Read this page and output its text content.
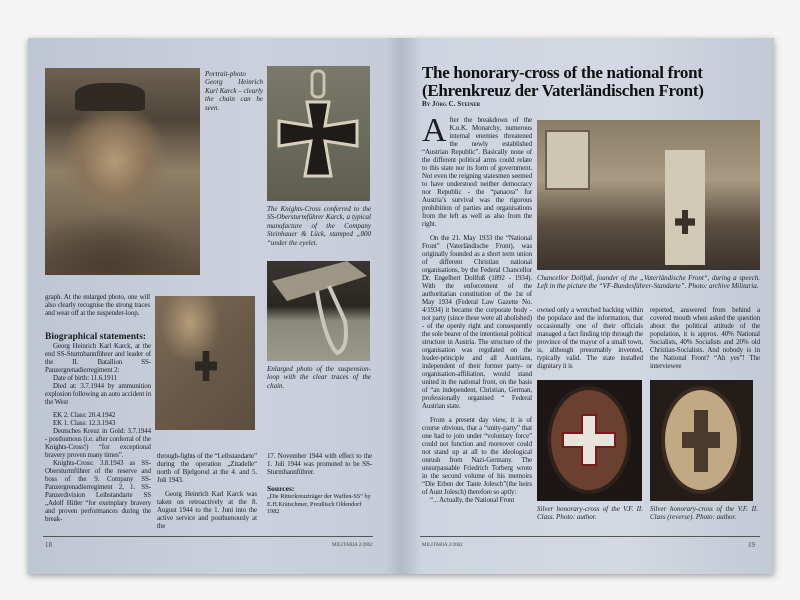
Portrait-photo Georg Heinrich Karl Karck – clearly the chain can be seen.
The Knights-Cross conferred to the SS-Obersturmführer Karck, a typical manufacture of the Company Steinhauer & Lück, stamped „800 “under the eyelet.
Enlarged photo of the suspension-loop with the clear traces of the chain.

graph. At the enlarged photo, one will also clearly recognise the strong traces and wear off at the suspender-loop.

Biographical statements:

Georg Heinrich Karl Karck, at the end SS-Sturmbannführer and leader of the II. Batallion SS-Panzergrenadierregiment 2:

Date of birth: 11.6.1911

Died at: 3.7.1944 by ammunition explosion following an auto accident in the West

EK 2. Class: 20.4.1942

EK 1. Class: 12.3.1943

Deutsches Kreuz in Gold: 3.7.1944 - posthumous (i.e. after conferral of the Knights-Cross!) “for exceptional bravery proven many times”.

Knights-Cross: 3.8.1943 as SS-Obersturmführer of the reserve and boss of the 9. Company SS-Panzergrenadierregiment 2, 1. SS-Panzerdivision Leibstandarte SS „Adolf Hitler “for exemplary bravery and proven performances during the break-

through-fights of the “Leibstandarte” during the operation „Zitadelle“ north of Bjelgorod at the 4. and 5. Juli 1943.

Georg Heinrich Karl Karck was taken on retroactively at the 8. August 1944 to the 1. Juni into the active service and posthumously at the

17. November 1944 with effect to the 1. Juli 1944 was promoted to be SS-Sturmbannführer.

Sources:
„Die Ritterkreuzträger der Waffen-SS“ by E.H.Krätschmer, Preußisch Oldendorf 1982
18	MILITARIA 2/2002
The honorary-cross of the national front (Ehrenkreuz der Vaterländischen Front)
By Jörg C. Steiner

After the breakdown of the K.u.K. Monarchy, numerous internal enemies threatened the newly established “Austrian Republic”. Basically none of the different political arms could relate to this state nor its form of government. Not even the reigning statesmen seemed to have understood neither democracy nor Republic - the “panacea” for Austria’s survival was the rigorous prohibition of parties and organisations from the left as well as also from the right.

On the 21. May 1933 the “National Front” (Vaterländische Front), was originally founded as a short term union of different Christian national organisations, by the Federal Chancellor Dr. Engelbert Dollfuß (1892 - 1934). With the enforcement of the authoritarian constitution of the 1st of May 1934 (Federal Law Gazette No. 4/1934) it became the corporate body - not party (since these were all abolished) - of the openly right and consequently the sole bearer of the intentional political structure in Austria. The structure of the organisation was regulated on the leader-principle and all Austrians, independent of their former party- or organisation-affiliation, would stand united in the national front, on the basis of “an independent, Christian, German, professionally organised “ Federal Austrian state.

From a present day view, it is of course obvious, that a “unity-party” that one had to join under “voluntary force” could not function and moreover could not stand up at all to the ideological onrush from Nazi-Germany. The unsurpassable Friedrich Torberg wrote in the second volume of his memoirs “Die Erben der Tante Jolesch”(the heirs of Aunt Jolesch) therefore so aptly:

“... Actually, the National Front

Chancellor Dollfuß, founder of the „Vaterländische Front“, during a speech. Left in the picture the “VF-Bundesführer-Standarte”. Photo: archive Militaria.

owned only a wretched backing within the populace and the information, that occasionally one of their officials managed a fact finding trip through the province of the mayor of a small town, is, although presumably invented, typically valid. The state installed dignitary it is

reported, answered from behind a covered mouth when asked the question about the political attitude of the population, it is approx. 40% National Socialists, 40% Socialists and 20% old Christian-Socialists. And nobody is in the National Front? “Ah yes”! The interviewee

Silver honorary-cross of the V.F. II. Class. Photo: author.
Silver honorary-cross of the V.F. II. Class (reverse). Photo: author.
MILITARIA 2/2002	19
